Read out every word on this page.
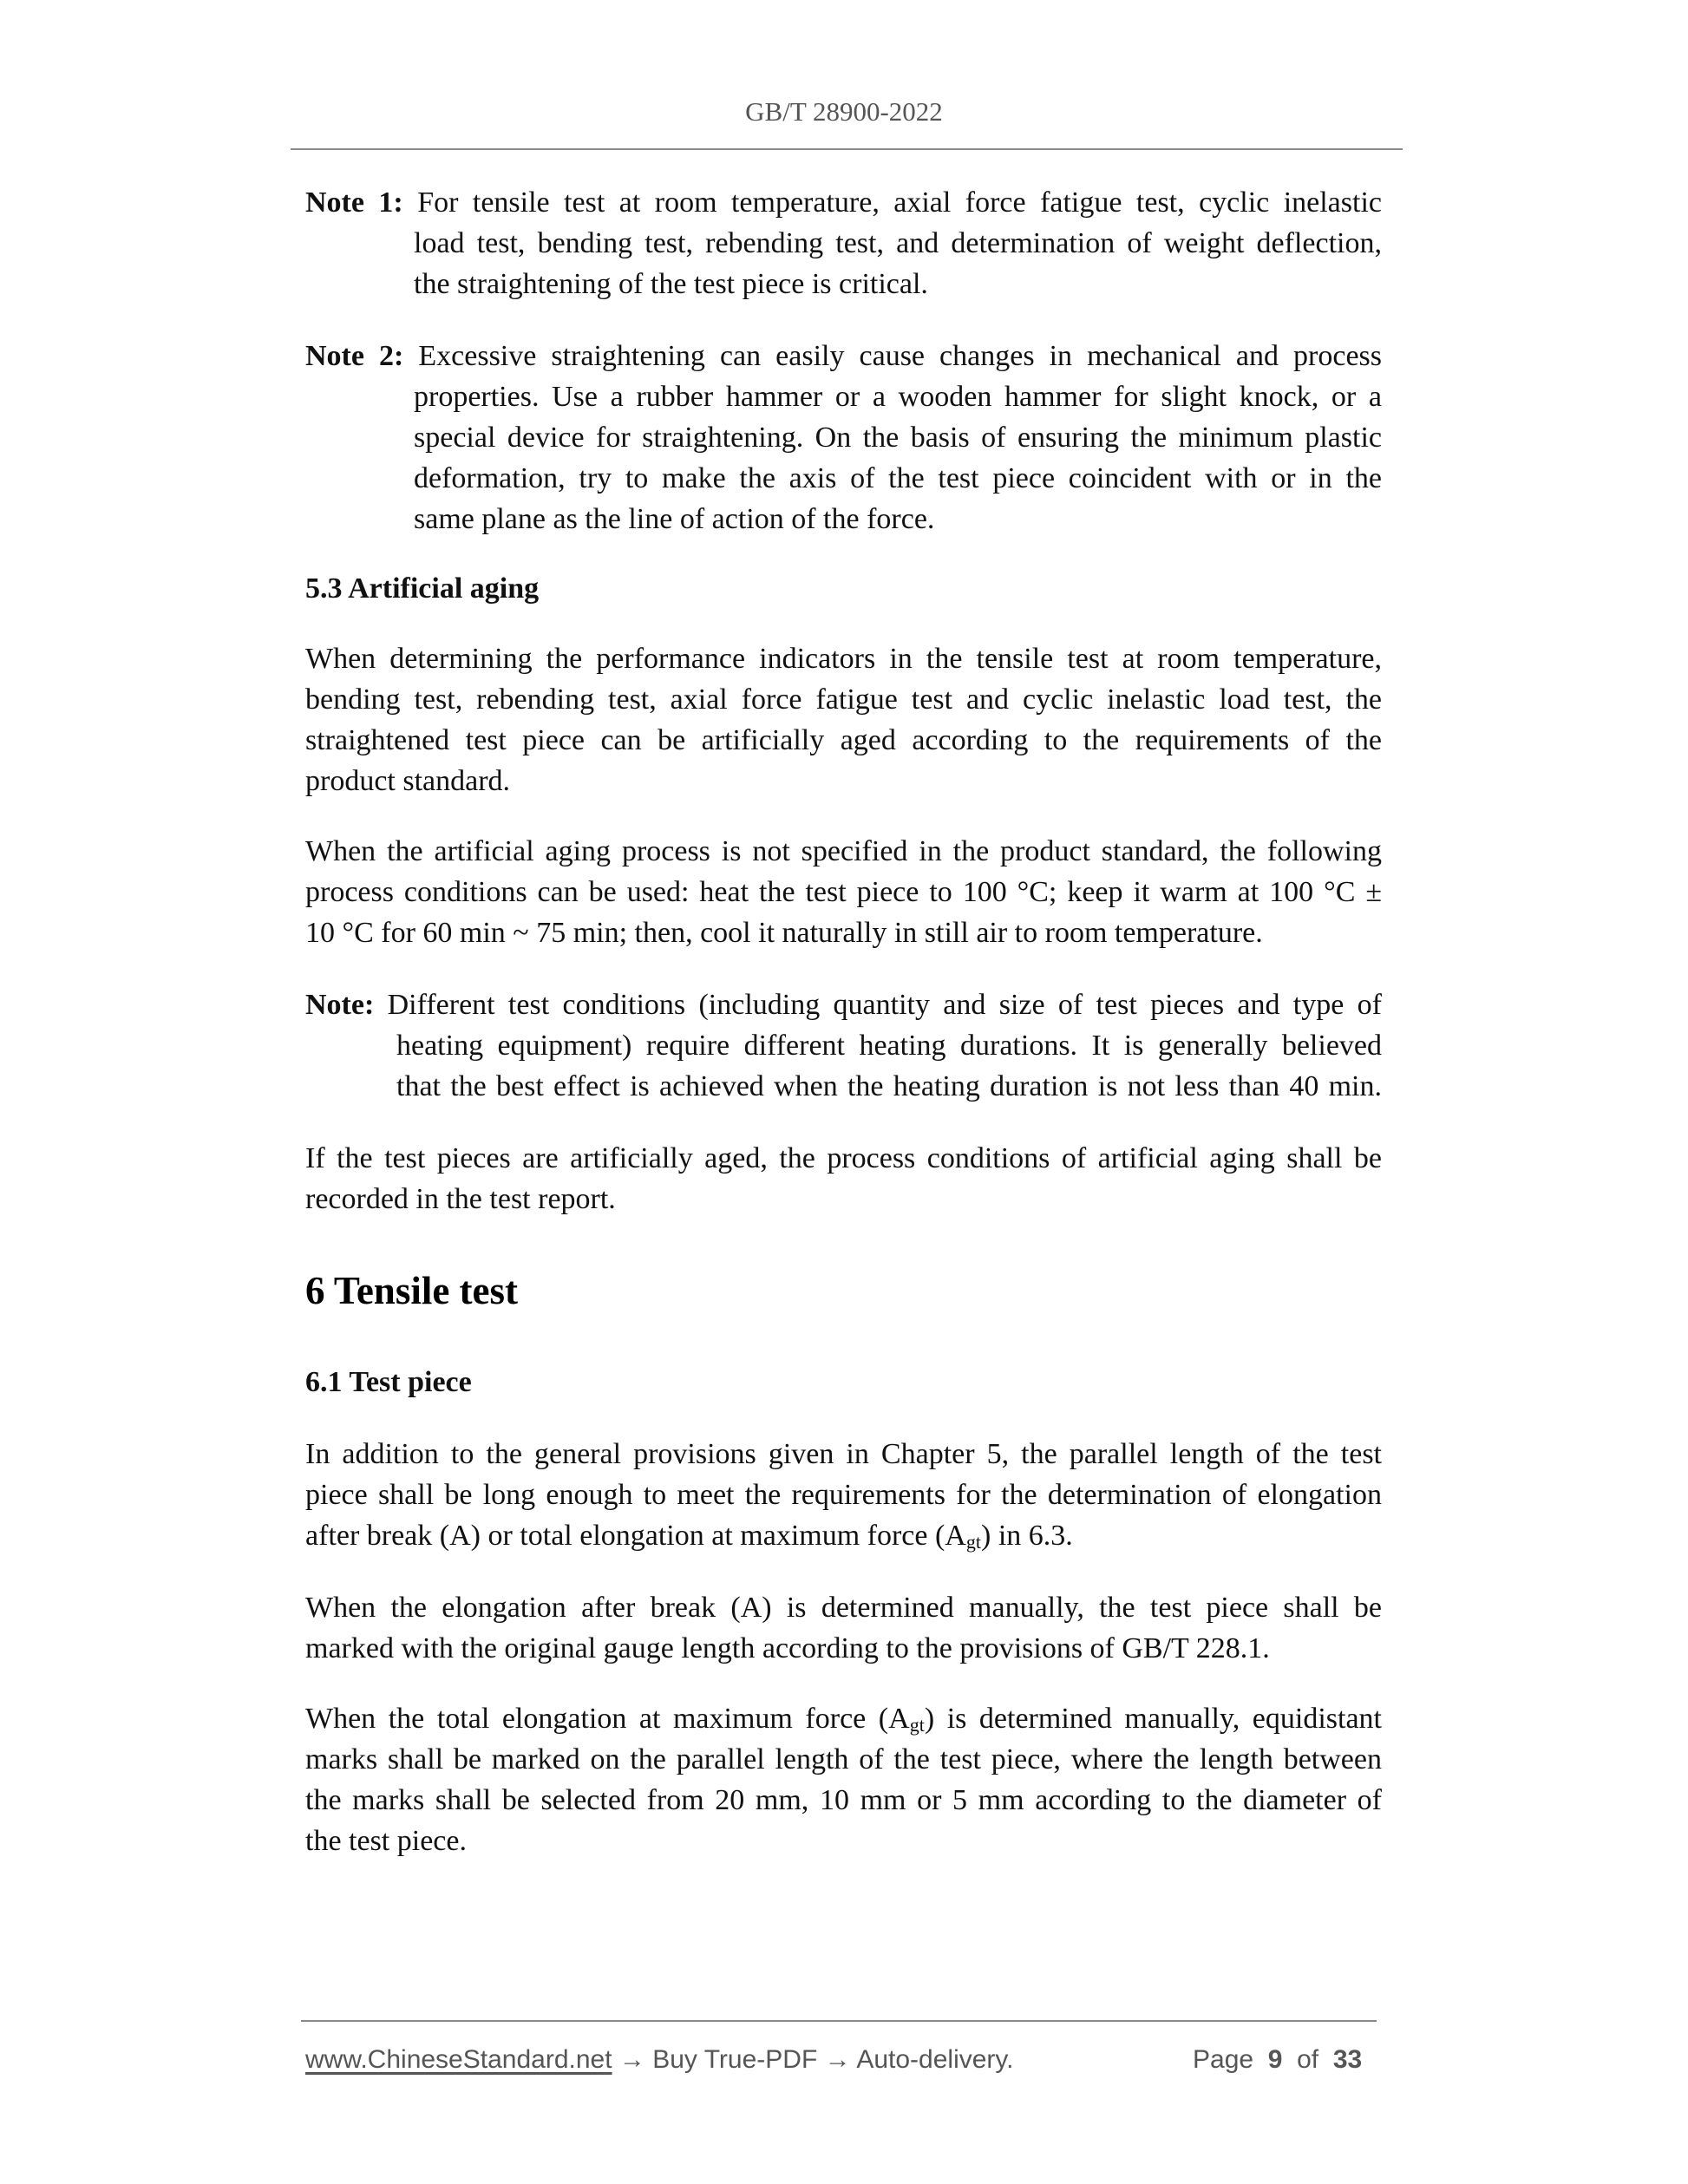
GB/T 28900-2022
Note 1: For tensile test at room temperature, axial force fatigue test, cyclic inelastic
load test, bending test, rebending test, and determination of weight deflection,
the straightening of the test piece is critical.
Note 2: Excessive straightening can easily cause changes in mechanical and process
properties. Use a rubber hammer or a wooden hammer for slight knock, or a
special device for straightening. On the basis of ensuring the minimum plastic
deformation, try to make the axis of the test piece coincident with or in the
same plane as the line of action of the force.
5.3 Artificial aging
When determining the performance indicators in the tensile test at room temperature,
bending test, rebending test, axial force fatigue test and cyclic inelastic load test, the
straightened test piece can be artificially aged according to the requirements of the
product standard.
When the artificial aging process is not specified in the product standard, the following
process conditions can be used: heat the test piece to 100 °C; keep it warm at 100 °C ±
10 °C for 60 min ~ 75 min; then, cool it naturally in still air to room temperature.
Note: Different test conditions (including quantity and size of test pieces and type of
heating equipment) require different heating durations. It is generally believed
that the best effect is achieved when the heating duration is not less than 40 min.
If the test pieces are artificially aged, the process conditions of artificial aging shall be
recorded in the test report.
6 Tensile test
6.1 Test piece
In addition to the general provisions given in Chapter 5, the parallel length of the test
piece shall be long enough to meet the requirements for the determination of elongation
after break (A) or total elongation at maximum force $(A_{gt})$ in 6.3.
When the elongation after break (A) is determined manually, the test piece shall be
marked with the original gauge length according to the provisions of GB/T 228.1.
When the total elongation at maximum force $(A_{gt})$ is determined manually, equidistant
marks shall be marked on the parallel length of the test piece, where the length between
the marks shall be selected from 20 mm, 10 mm or 5 mm according to the diameter of
the test piece.
www.ChineseStandard.net → Buy True-PDF → Auto-delivery.	Page 9 of 33
